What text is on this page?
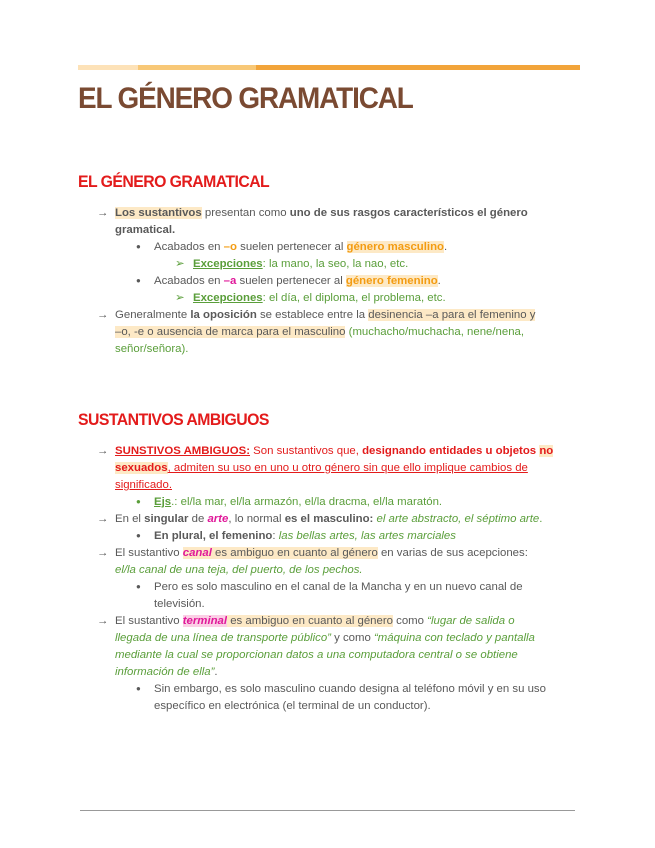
EL GÉNERO GRAMATICAL
EL GÉNERO GRAMATICAL
→ Los sustantivos presentan como uno de sus rasgos característicos el género
gramatical.
● Acabados en –o suelen pertenecer al género masculino.
➢ Excepciones: la mano, la seo, la nao, etc.
● Acabados en –a suelen pertenecer al género femenino.
➢ Excepciones: el día, el diploma, el problema, etc.
→ Generalmente la oposición se establece entre la desinencia –a para el femenino y
–o, -e o ausencia de marca para el masculino (muchacho/muchacha, nene/nena,
señor/señora).
SUSTANTIVOS AMBIGUOS
→ SUNSTIVOS AMBIGUOS: Son sustantivos que, designando entidades u objetos no
sexuados, admiten su uso en uno u otro género sin que ello implique cambios de
significado.
● Ejs.: el/la mar, el/la armazón, el/la dracma, el/la maratón.
→ En el singular de arte, lo normal es el masculino: el arte abstracto, el séptimo arte.
● En plural, el femenino: las bellas artes, las artes marciales
→ El sustantivo canal es ambiguo en cuanto al género en varias de sus acepciones:
el/la canal de una teja, del puerto, de los pechos.
● Pero es solo masculino en el canal de la Mancha y en un nuevo canal de
televisión.
→ El sustantivo terminal es ambiguo en cuanto al género como “lugar de salida o
llegada de una línea de transporte público” y como “máquina con teclado y pantalla
mediante la cual se proporcionan datos a una computadora central o se obtiene
información de ella”.
● Sin embargo, es solo masculino cuando designa al teléfono móvil y en su uso
específico en electrónica (el terminal de un conductor).
